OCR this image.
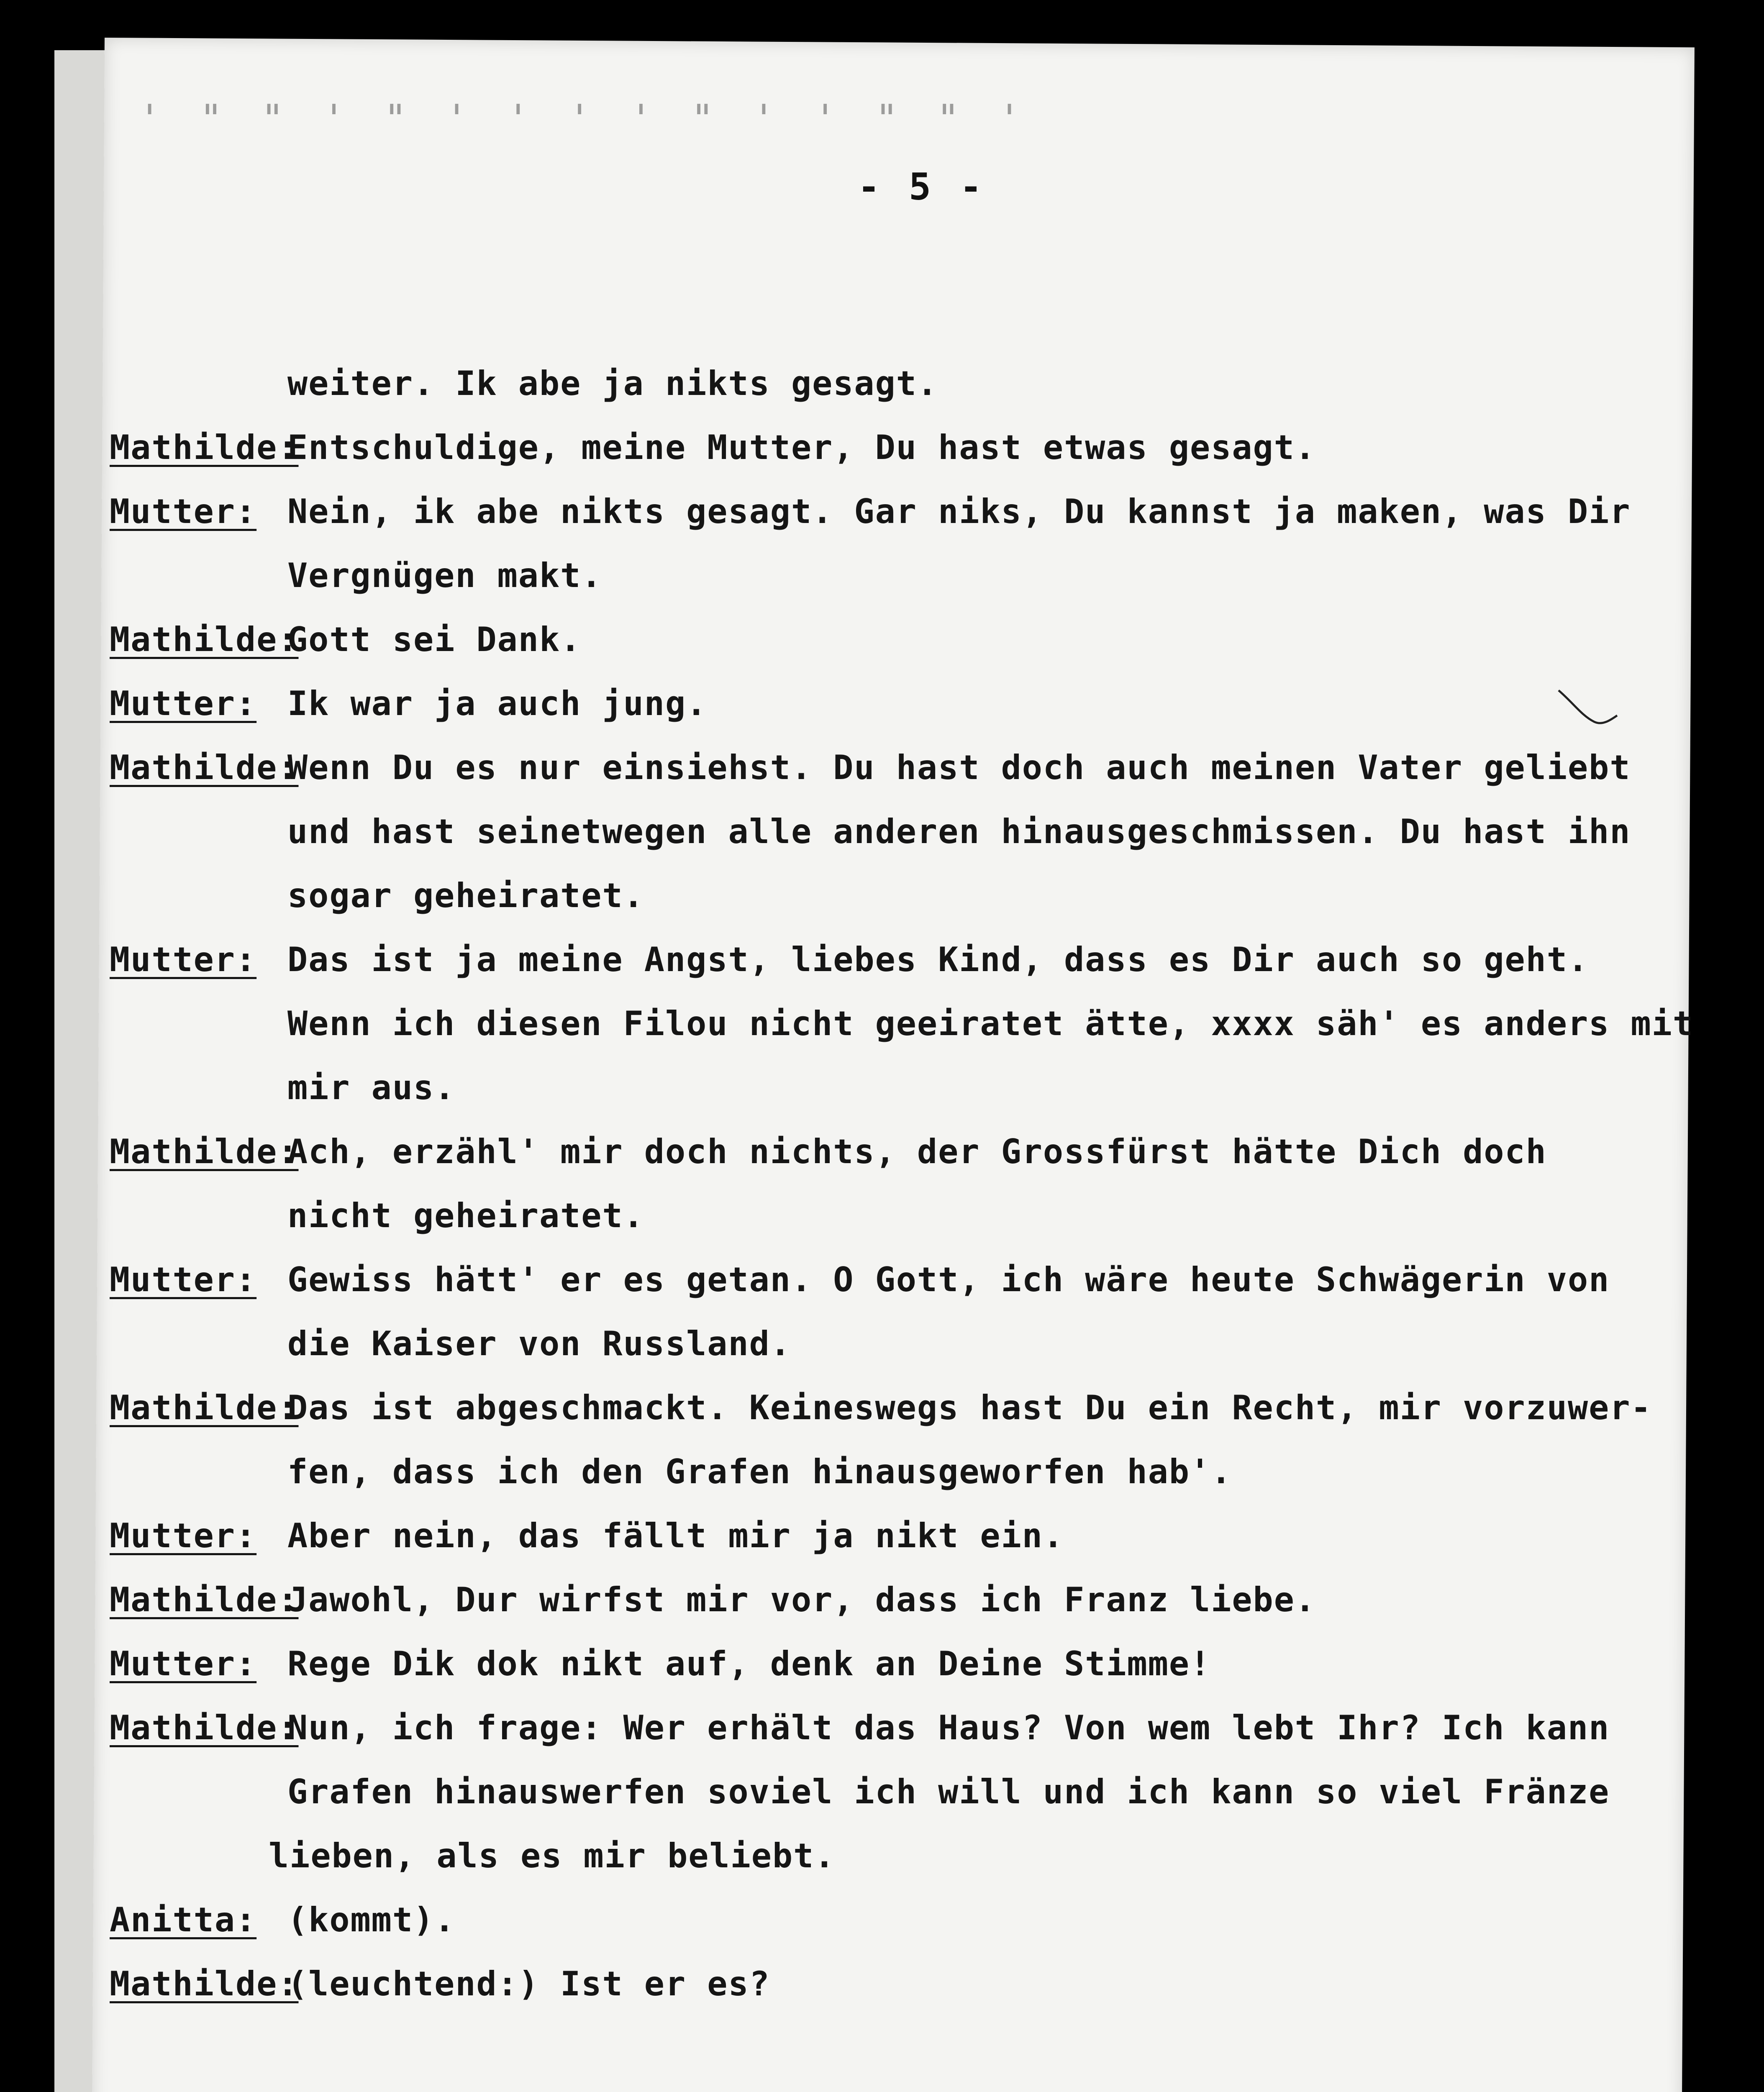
' " " ' " ' ' ' ' " ' ' " " '
- 5 -
weiter. Ik abe ja nikts gesagt.
Mathilde:
Entschuldige, meine Mutter, Du hast etwas gesagt.
Mutter: Nein, ik abe nikts gesagt. Gar niks, Du kannst ja maken, was Dir
Vergnügen makt.
Mathilde:
Gott sei Dank.
Mutter: Ik war ja auch jung.
Mathilde:
Wenn Du es nur einsiehst. Du hast doch auch meinen Vater geliebt
und hast seinetwegen alle anderen hinausgeschmissen. Du hast ihn
sogar geheiratet.
Mutter: Das ist ja meine Angst, liebes Kind, dass es Dir auch so geht.
Wenn ich diesen Filou nicht geeiratet ätte, xxxx säh' es anders mit
mir aus.
Mathilde:
Ach, erzähl' mir doch nichts, der Grossfürst hätte Dich doch
nicht geheiratet.
Mutter: Gewiss hätt' er es getan. O Gott, ich wäre heute Schwägerin von
die Kaiser von Russland.
Mathilde:
Das ist abgeschmackt. Keineswegs hast Du ein Recht, mir vorzuwer-
fen, dass ich den Grafen hinausgeworfen hab'.
Mutter: Aber nein, das fällt mir ja nikt ein.
Mathilde:
Jawohl, Dur wirfst mir vor, dass ich Franz liebe.
Mutter: Rege Dik dok nikt auf, denk an Deine Stimme!
Mathilde:
Nun, ich frage: Wer erhält das Haus? Von wem lebt Ihr? Ich kann
Grafen hinauswerfen soviel ich will und ich kann so viel Fränze
lieben, als es mir beliebt.
Anitta: (kommt).
Mathilde:
(leuchtend:) Ist er es?
